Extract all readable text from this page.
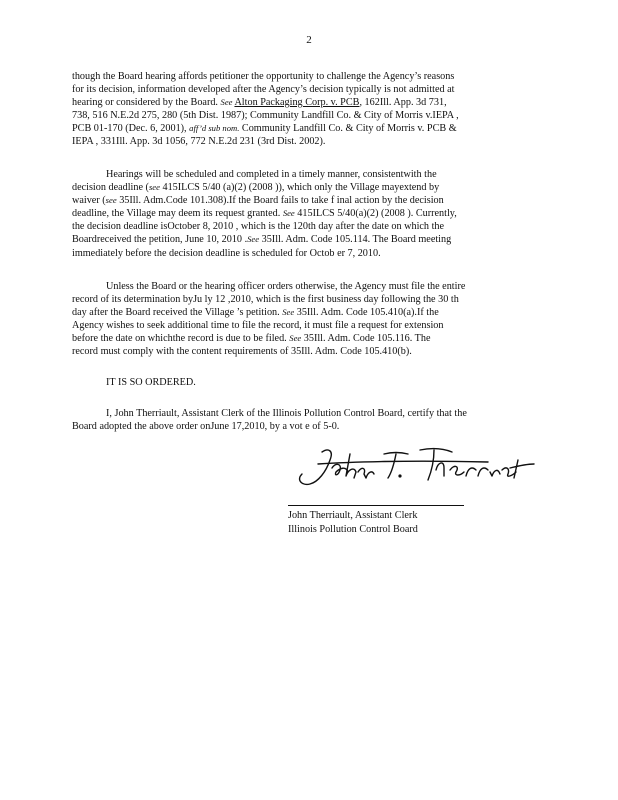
2

though the Board hearing affords petitioner the opportunity to challenge the Agency’s reasons
for its decision, information developed after the Agency’s decision typically is not admitted at
hearing or considered by the Board. See Alton Packaging Corp. v. PCB, 162Ill. App. 3d 731,
738, 516 N.E.2d 275, 280 (5th Dist. 1987); Community Landfill Co. & City of Morris v.IEPA ,
PCB 01-170 (Dec. 6, 2001), aff’d sub nom. Community Landfill Co. & City of Morris v. PCB &
IEPA , 331Ill. App. 3d 1056, 772 N.E.2d 231 (3rd Dist. 2002).

Hearings will be scheduled and completed in a timely manner, consistentwith the
decision deadline (see 415ILCS 5/40 (a)(2) (2008 )), which only the Village mayextend by
waiver (see 35Ill. Adm.Code 101.308).If the Board fails to take f inal action by the decision
deadline, the Village may deem its request granted. See 415ILCS 5/40(a)(2) (2008 ). Currently,
the decision deadline isOctober 8, 2010 , which is the 120th day after the date on which the
Boardreceived the petition, June 10, 2010 .See 35Ill. Adm. Code 105.114. The Board meeting
immediately before the decision deadline is scheduled for Octob er 7, 2010.

Unless the Board or the hearing officer orders otherwise, the Agency must file the entire
record of its determination byJu ly 12 ,2010, which is the first business day following the 30 th
day after the Board received the Village ’s petition. See 35Ill. Adm. Code 105.410(a).If the
Agency wishes to seek additional time to file the record, it must file a request for extension
before the date on whichthe record is due to be filed. See 35Ill. Adm. Code 105.116. The
record must comply with the content requirements of 35Ill. Adm. Code 105.410(b).

IT IS SO ORDERED.

I, John Therriault, Assistant Clerk of the Illinois Pollution Control Board, certify that the
Board adopted the above order onJune 17,2010, by a vot e of 5-0.

John Therriault, Assistant Clerk
Illinois Pollution Control Board
